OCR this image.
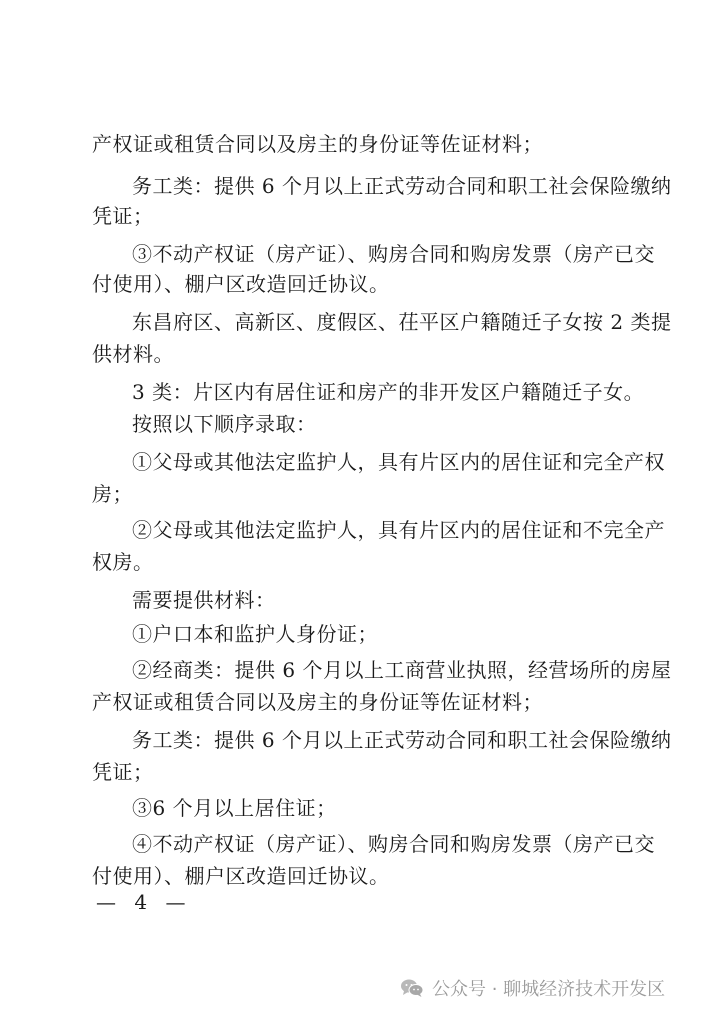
产权证或租赁合同以及房主的身份证等佐证材料；
务工类：提供 6 个月以上正式劳动合同和职工社会保险缴纳
凭证；
③不动产权证（房产证）、购房合同和购房发票（房产已交
付使用）、棚户区改造回迁协议。
东昌府区、高新区、度假区、茌平区户籍随迁子女按 2 类提
供材料。
3 类：片区内有居住证和房产的非开发区户籍随迁子女。
按照以下顺序录取：
①父母或其他法定监护人，具有片区内的居住证和完全产权
房；
②父母或其他法定监护人，具有片区内的居住证和不完全产
权房。
需要提供材料：
①户口本和监护人身份证；
②经商类：提供 6 个月以上工商营业执照，经营场所的房屋
产权证或租赁合同以及房主的身份证等佐证材料；
务工类：提供 6 个月以上正式劳动合同和职工社会保险缴纳
凭证；
③6 个月以上居住证；
④不动产权证（房产证）、购房合同和购房发票（房产已交
付使用）、棚户区改造回迁协议。
— 4 —
公众号 · 聊城经济技术开发区
